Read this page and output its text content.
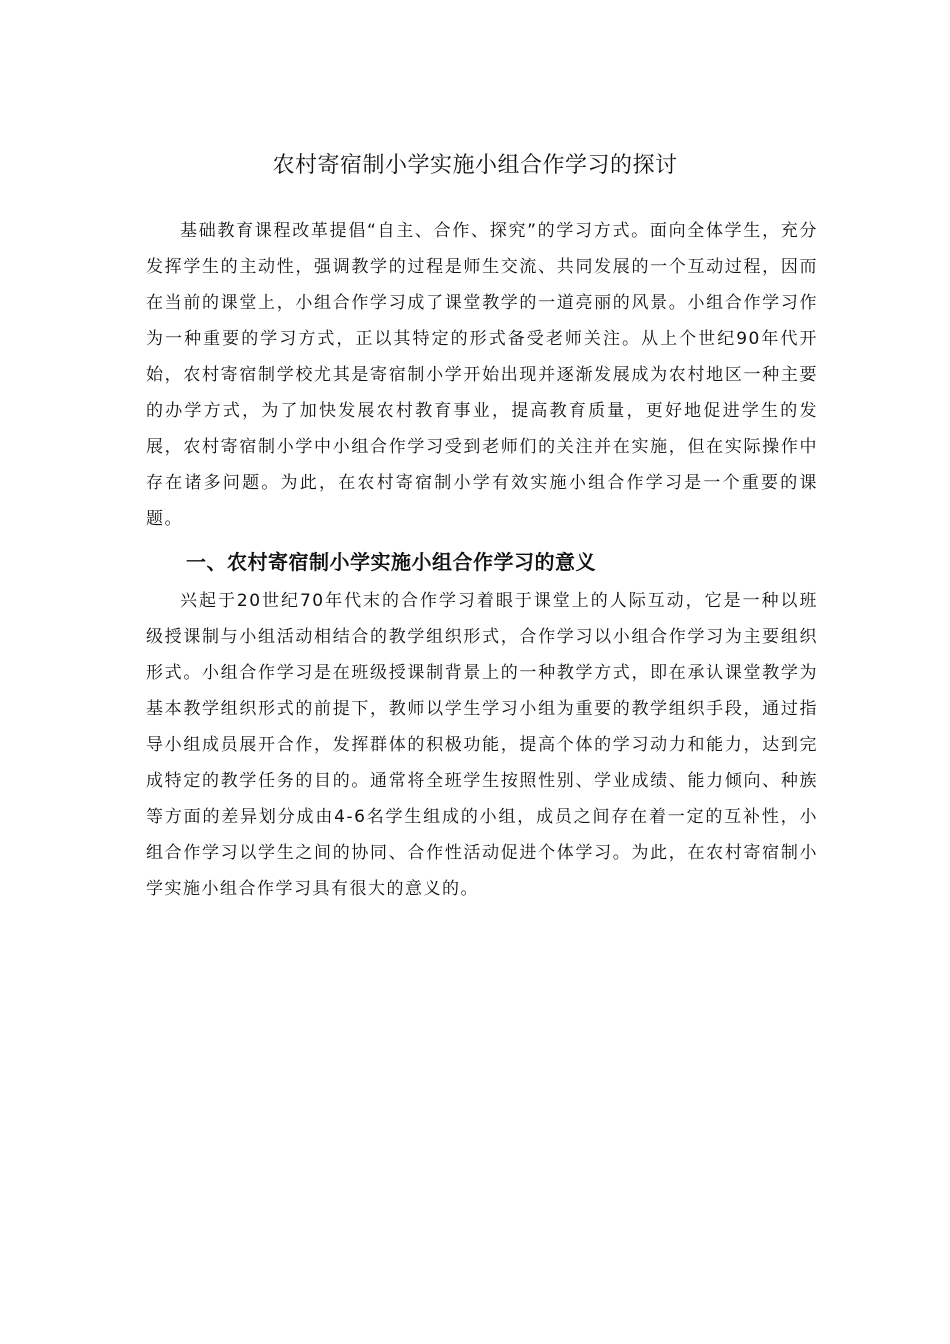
农村寄宿制小学实施小组合作学习的探讨

基础教育课程改革提倡“自主、合作、探究”的学习方式。面向全体学生，充分发挥学生的主动性，强调教学的过程是师生交流、共同发展的一个互动过程，因而在当前的课堂上，小组合作学习成了课堂教学的一道亮丽的风景。小组合作学习作为一种重要的学习方式，正以其特定的形式备受老师关注。从上个世纪90年代开始，农村寄宿制学校尤其是寄宿制小学开始出现并逐渐发展成为农村地区一种主要的办学方式，为了加快发展农村教育事业，提高教育质量，更好地促进学生的发展，农村寄宿制小学中小组合作学习受到老师们的关注并在实施，但在实际操作中存在诸多问题。为此，在农村寄宿制小学有效实施小组合作学习是一个重要的课题。

一、农村寄宿制小学实施小组合作学习的意义

兴起于20世纪70年代末的合作学习着眼于课堂上的人际互动，它是一种以班级授课制与小组活动相结合的教学组织形式，合作学习以小组合作学习为主要组织形式。小组合作学习是在班级授课制背景上的一种教学方式，即在承认课堂教学为基本教学组织形式的前提下，教师以学生学习小组为重要的教学组织手段，通过指导小组成员展开合作，发挥群体的积极功能，提高个体的学习动力和能力，达到完成特定的教学任务的目的。通常将全班学生按照性别、学业成绩、能力倾向、种族等方面的差异划分成由4-6名学生组成的小组，成员之间存在着一定的互补性，小组合作学习以学生之间的协同、合作性活动促进个体学习。为此，在农村寄宿制小学实施小组合作学习具有很大的意义的。
